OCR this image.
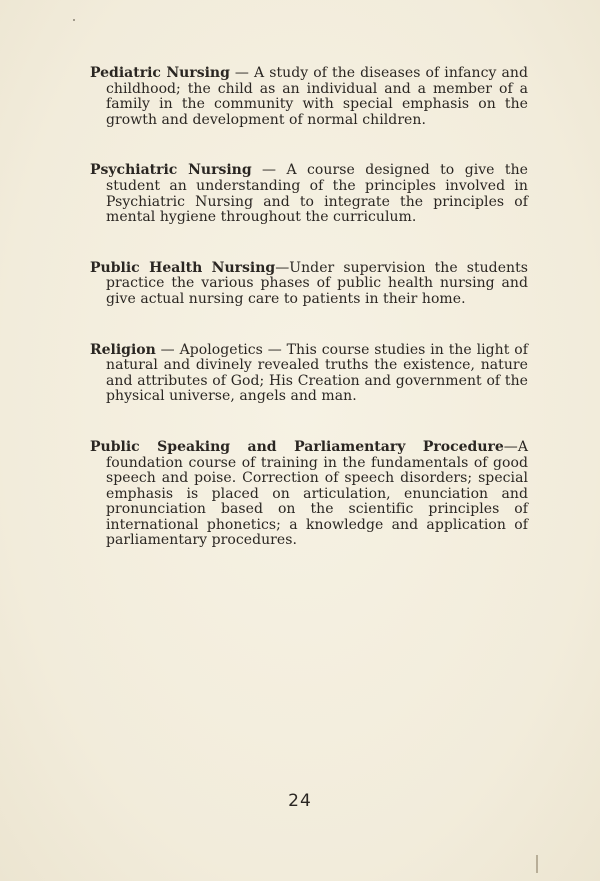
Pediatric Nursing — A study of the diseases of infancy and childhood; the child as an individual and a member of a family in the community with special emphasis on the growth and development of normal children.

Psychiatric Nursing — A course designed to give the student an understanding of the principles involved in Psychiatric Nursing and to integrate the principles of mental hygiene throughout the curriculum.

Public Health Nursing—Under supervision the students practice the various phases of public health nursing and give actual nursing care to patients in their home.

Religion — Apologetics — This course studies in the light of natural and divinely revealed truths the existence, nature and attributes of God; His Creation and government of the physical universe, angels and man.

Public Speaking and Parliamentary Procedure—A foundation course of training in the fundamentals of good speech and poise. Correction of speech disorders; special emphasis is placed on articulation, enunciation and pronunciation based on the scientific principles of international phonetics; a knowledge and application of parliamentary procedures.

24
